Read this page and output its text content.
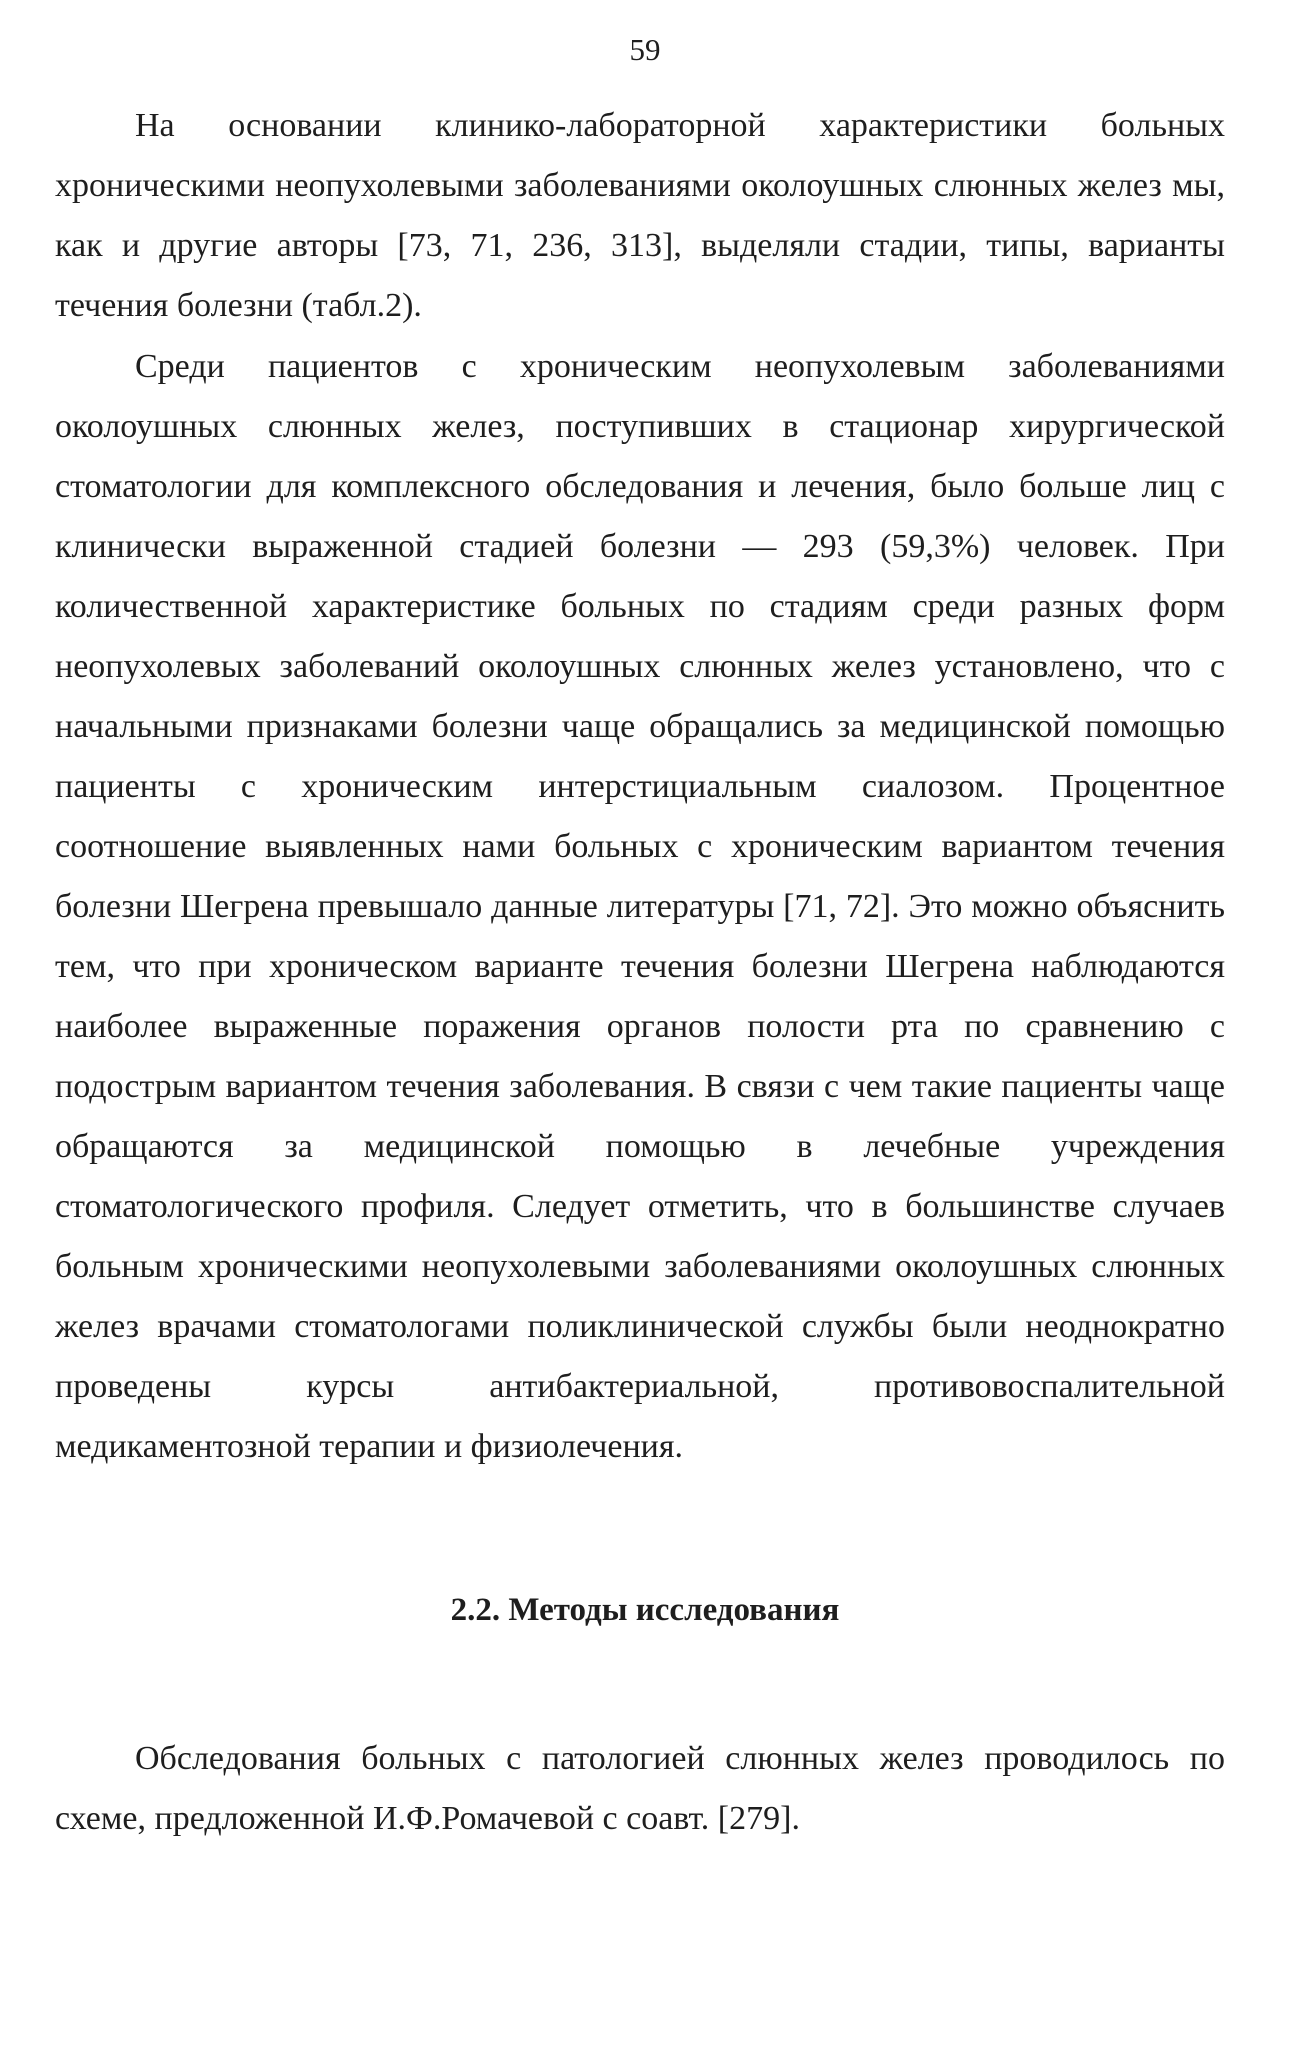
59

На основании клинико-лабораторной характеристики больных хроническими неопухолевыми заболеваниями околоушных слюнных желез мы, как и другие авторы [73, 71, 236, 313], выделяли стадии, типы, варианты течения болезни (табл.2).

Среди пациентов с хроническим неопухолевым заболеваниями околоушных слюнных желез, поступивших в стационар хирургической стоматологии для комплексного обследования и лечения, было больше лиц с клинически выраженной стадией болезни — 293 (59,3%) человек. При количественной характеристике больных по стадиям среди разных форм неопухолевых заболеваний околоушных слюнных желез установлено, что с начальными признаками болезни чаще обращались за медицинской помощью пациенты с хроническим интерстициальным сиалозом. Процентное соотношение выявленных нами больных с хроническим вариантом течения болезни Шегрена превышало данные литературы [71, 72]. Это можно объяснить тем, что при хроническом варианте течения болезни Шегрена наблюдаются наиболее выраженные поражения органов полости рта по сравнению с подострым вариантом течения заболевания. В связи с чем такие пациенты чаще обращаются за медицинской помощью в лечебные учреждения стоматологического профиля. Следует отметить, что в большинстве случаев больным хроническими неопухолевыми заболеваниями околоушных слюнных желез врачами стоматологами поликлинической службы были неоднократно проведены курсы антибактериальной, противовоспалительной медикаментозной терапии и физиолечения.

2.2. Методы исследования

Обследования больных с патологией слюнных желез проводилось по схеме, предложенной И.Ф.Ромачевой с соавт. [279].
